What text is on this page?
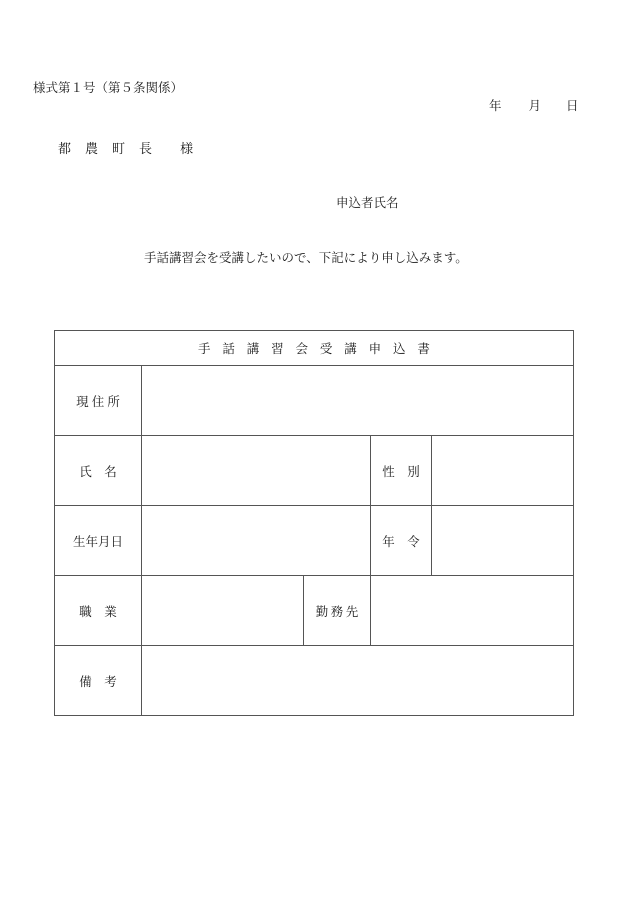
様式第１号（第５条関係）
年 月 日
都 農 町 長 様
申込者氏名
手話講習会を受講したいので、下記により申し込みます。
手話講習会受講申込書				
現住所				
氏　名			性　別	
生年月日			年　令	
職　業		勤務先		
備　考				
